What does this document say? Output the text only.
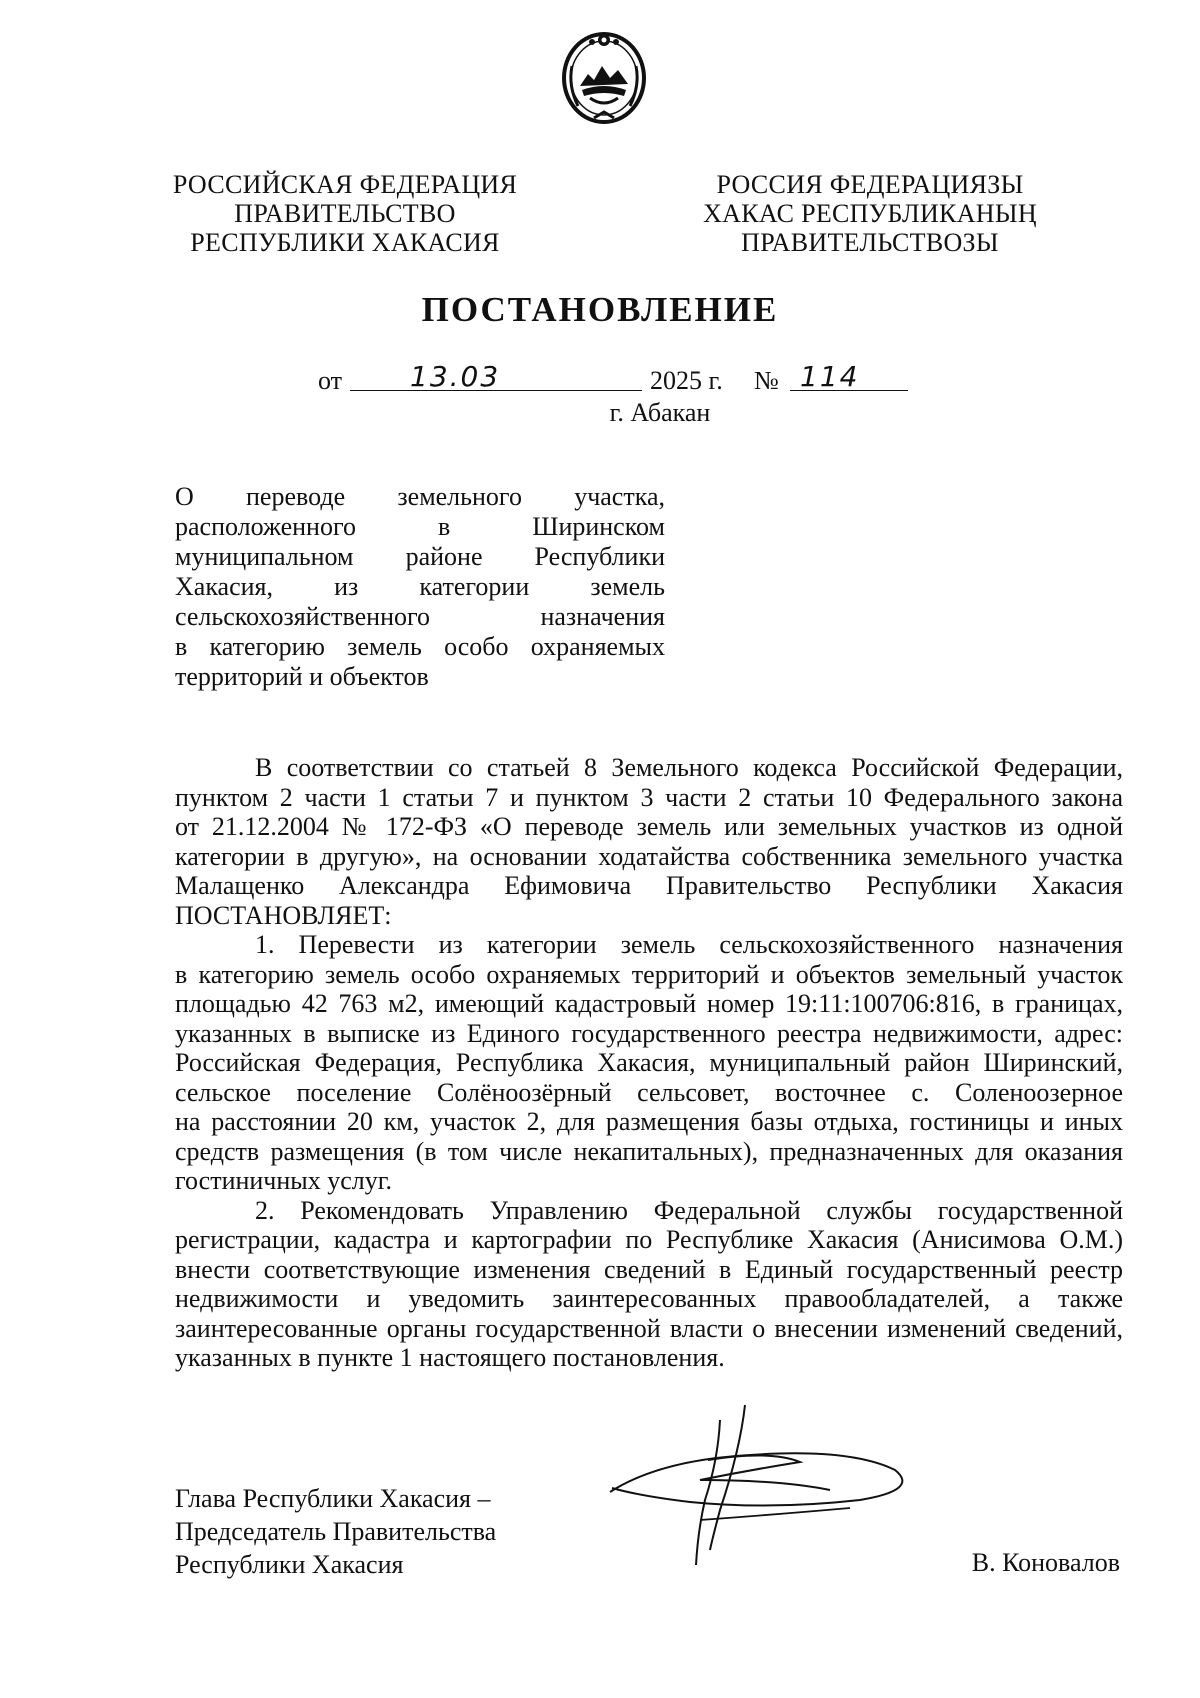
РОССИЙСКАЯ ФЕДЕРАЦИЯ
ПРАВИТЕЛЬСТВО
РЕСПУБЛИКИ ХАКАСИЯ
РОССИЯ ФЕДЕРАЦИЯЗЫ
ХАКАС РЕСПУБЛИКАНЫҢ
ПРАВИТЕЛЬСТВОЗЫ
ПОСТАНОВЛЕНИЕ
от 13.03	2025 г. № 114
г. Абакан
О переводе земельного участка,
расположенного в Ширинском
муниципальном районе Республики
Хакасия, из категории земель
сельскохозяйственного назначения
в категорию земель особо охраняемых
территорий и объектов
В соответствии со статьей 8 Земельного кодекса Российской Федерации,
пунктом 2 части 1 статьи 7 и пунктом 3 части 2 статьи 10 Федерального закона
от 21.12.2004 № 172-ФЗ «О переводе земель или земельных участков из одной
категории в другую», на основании ходатайства собственника земельного участка
Малащенко Александра Ефимовича Правительство Республики Хакасия
ПОСТАНОВЛЯЕТ:
1. Перевести из категории земель сельскохозяйственного назначения
в категорию земель особо охраняемых территорий и объектов земельный участок
площадью 42 763 м2, имеющий кадастровый номер 19:11:100706:816, в границах,
указанных в выписке из Единого государственного реестра недвижимости, адрес:
Российская Федерация, Республика Хакасия, муниципальный район Ширинский,
сельское поселение Солёноозёрный сельсовет, восточнее с. Соленоозерное
на расстоянии 20 км, участок 2, для размещения базы отдыха, гостиницы и иных
средств размещения (в том числе некапитальных), предназначенных для оказания
гостиничных услуг.
2. Рекомендовать Управлению Федеральной службы государственной
регистрации, кадастра и картографии по Республике Хакасия (Анисимова О.М.)
внести соответствующие изменения сведений в Единый государственный реестр
недвижимости и уведомить заинтересованных правообладателей, а также
заинтересованные органы государственной власти о внесении изменений сведений,
указанных в пункте 1 настоящего постановления.
Глава Республики Хакасия –
Председатель Правительства
Республики Хакасия	В. Коновалов
